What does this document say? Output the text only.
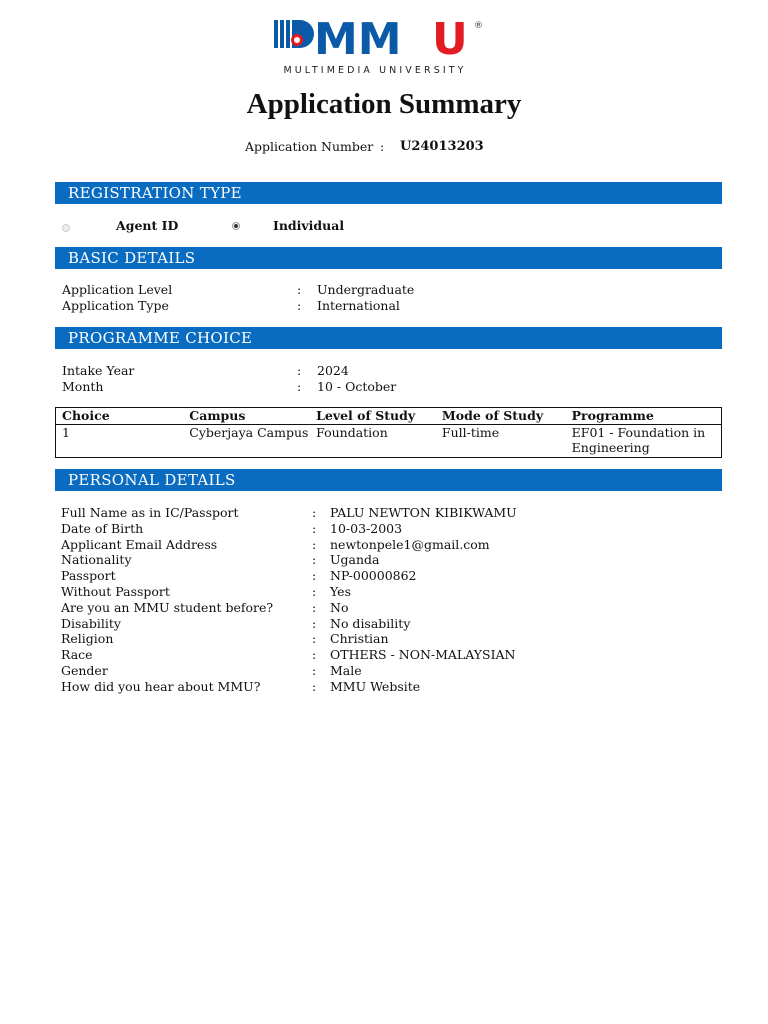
MM U ®
MULTIMEDIA UNIVERSITY
Application Summary
Application Number : U24013203
REGISTRATION TYPE
Agent ID	Individual
BASIC DETAILS
Application Level	: Undergraduate
Application Type	: International
PROGRAMME CHOICE
Intake Year	: 2024
Month	: 10 - October
Choice	Campus	Level of Study	Mode of Study	Programme
1	Cyberjaya Campus	Foundation	Full-time	EF01 - Foundation in Engineering
PERSONAL DETAILS
Full Name as in IC/Passport	: PALU NEWTON KIBIKWAMU
Date of Birth	: 10-03-2003
Applicant Email Address	: newtonpele1@gmail.com
Nationality	: Uganda
Passport	: NP-00000862
Without Passport	: Yes
Are you an MMU student before?	: No
Disability	: No disability
Religion	: Christian
Race	: OTHERS - NON-MALAYSIAN
Gender	: Male
How did you hear about MMU?	: MMU Website
